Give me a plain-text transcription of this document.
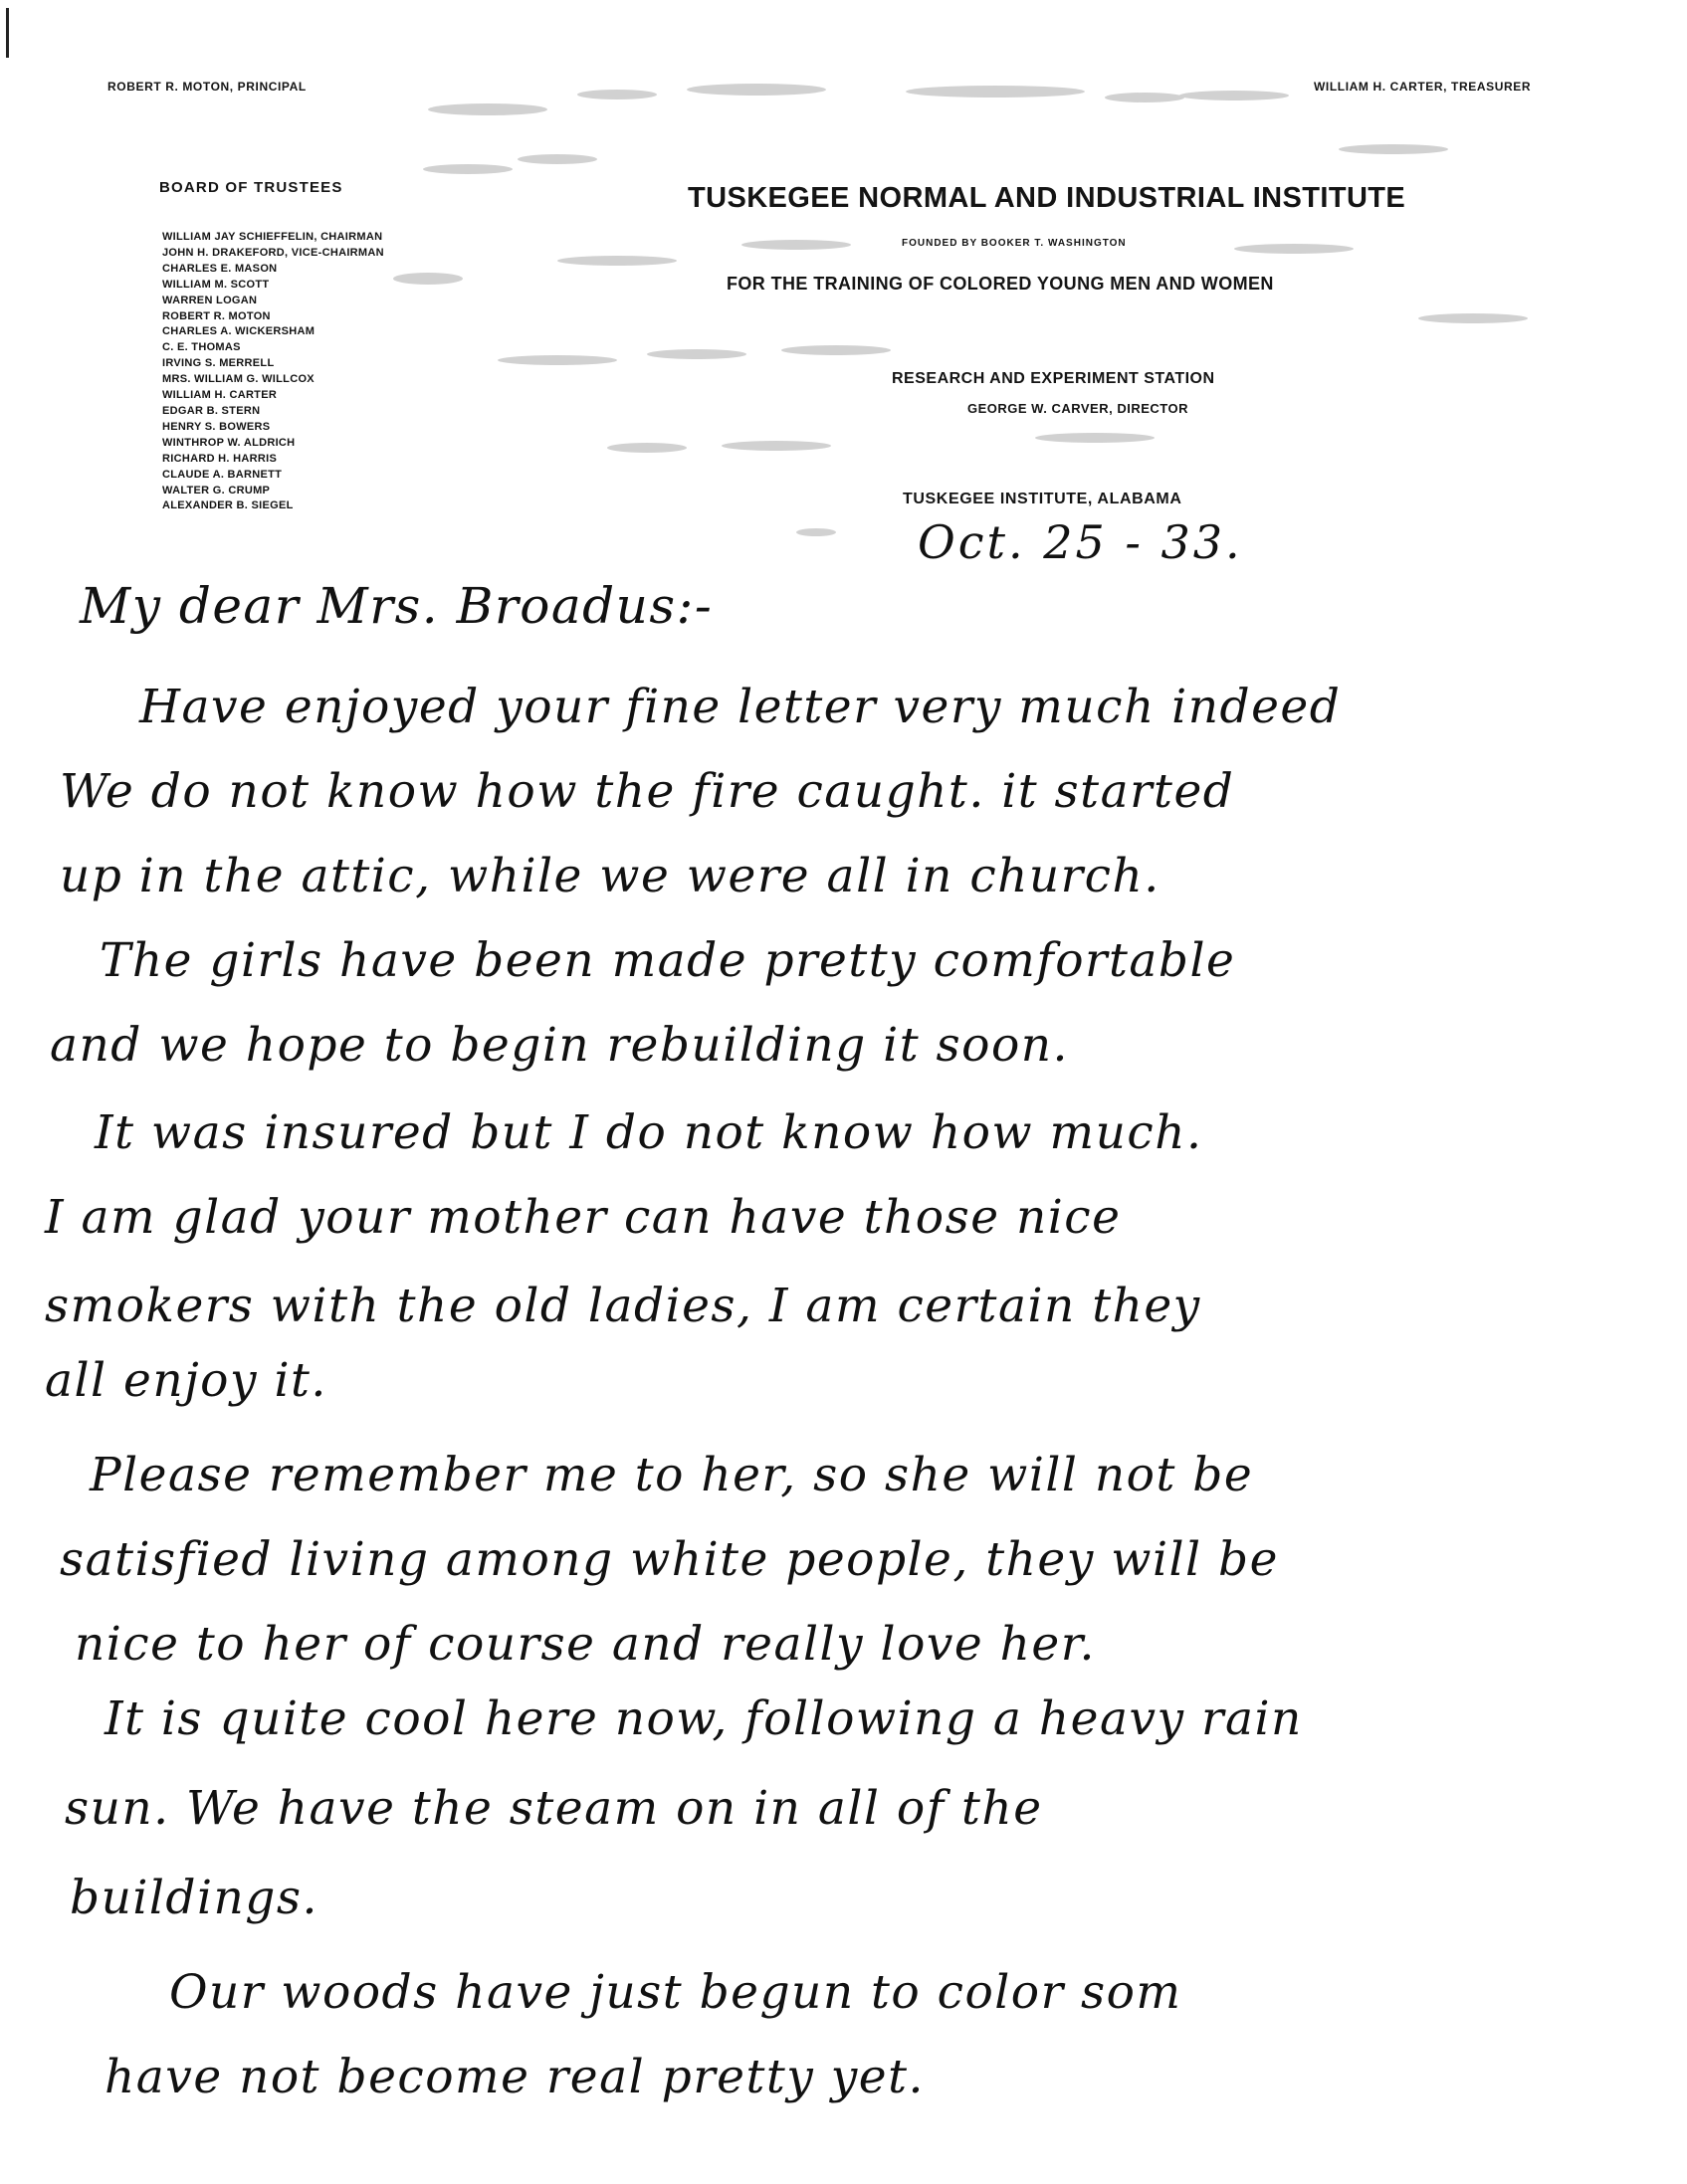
ROBERT R. MOTON, PRINCIPAL	WILLIAM H. CARTER, TREASURER
BOARD OF TRUSTEES
WILLIAM JAY SCHIEFFELIN, CHAIRMAN
JOHN H. DRAKEFORD, VICE-CHAIRMAN
CHARLES E. MASON
WILLIAM M. SCOTT
WARREN LOGAN
ROBERT R. MOTON
CHARLES A. WICKERSHAM
C. E. THOMAS
IRVING S. MERRELL
MRS. WILLIAM G. WILLCOX
WILLIAM H. CARTER
EDGAR B. STERN
HENRY S. BOWERS
WINTHROP W. ALDRICH
RICHARD H. HARRIS
CLAUDE A. BARNETT
WALTER G. CRUMP
ALEXANDER B. SIEGEL
TUSKEGEE NORMAL AND INDUSTRIAL INSTITUTE
FOUNDED BY BOOKER T. WASHINGTON
FOR THE TRAINING OF COLORED YOUNG MEN AND WOMEN
RESEARCH AND EXPERIMENT STATION
GEORGE W. CARVER, DIRECTOR
TUSKEGEE INSTITUTE, ALABAMA
Oct. 25 - 33.
My dear Mrs. Broadus:-
Have enjoyed your fine letter very much indeed
We do not know how the fire caught. it started
up in the attic, while we were all in church.
The girls have been made pretty comfortable
and we hope to begin rebuilding it soon.
It was insured but I do not know how much.
I am glad your mother can have those nice
smokers with the old ladies, I am certain they
all enjoy it.
Please remember me to her, so she will not be
satisfied living among white people, they will be
nice to her of course and really love her.
It is quite cool here now, following a heavy rain
sun. We have the steam on in all of the
buildings.
Our woods have just begun to color som
have not become real pretty yet.
